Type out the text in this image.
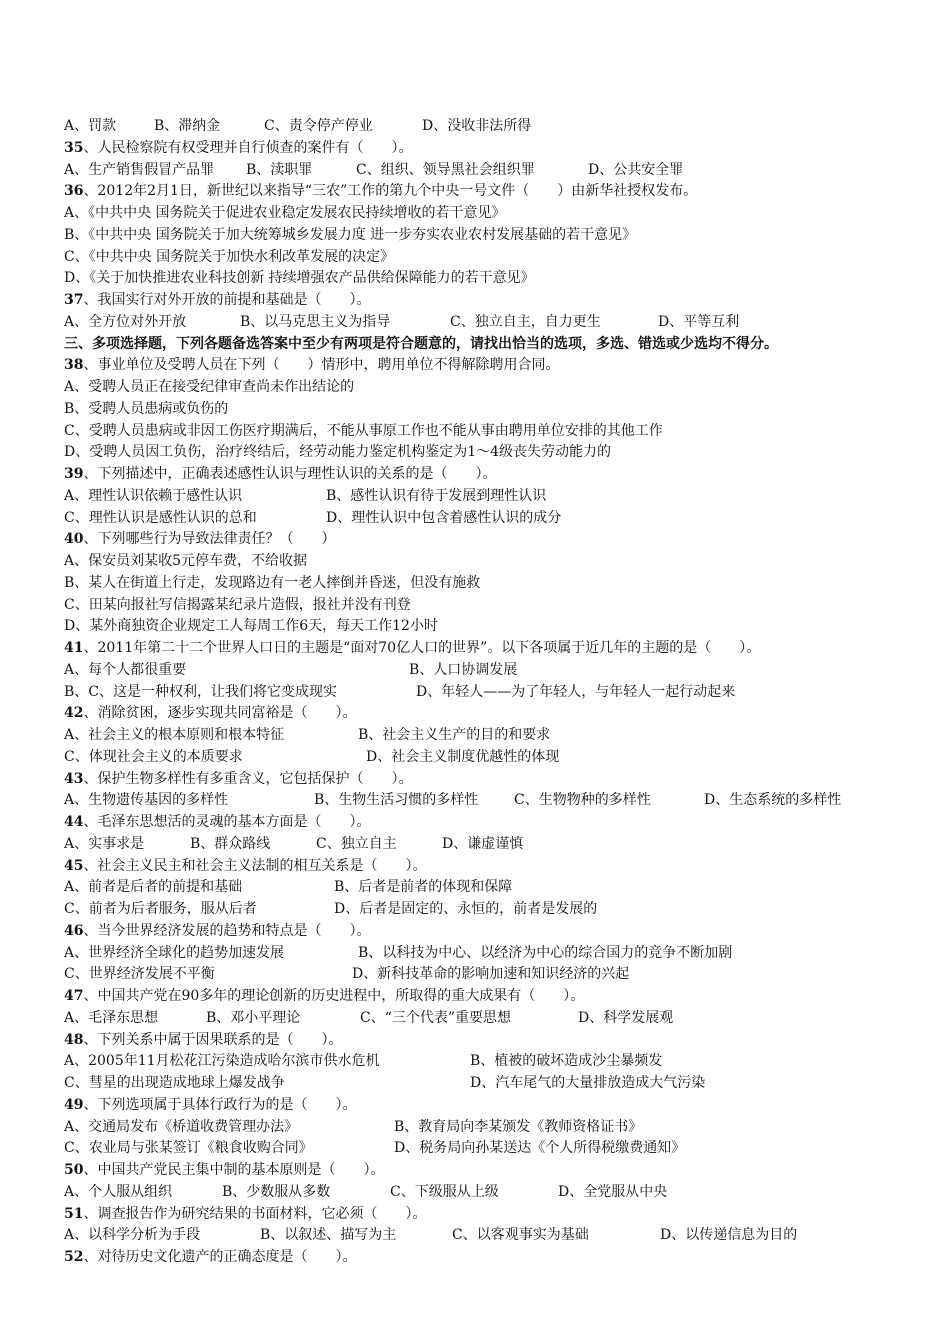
A、罚款	B、滞纳金	C、责令停产停业	D、没收非法所得
35、人民检察院有权受理并自行侦查的案件有（　　）。
A、生产销售假冒产品罪 B、渎职罪	C、组织、领导黑社会组织罪	D、公共安全罪
36、2012年2月1日，新世纪以来指导“三农”工作的第九个中央一号文件（　　）由新华社授权发布。
A、《中共中央 国务院关于促进农业稳定发展农民持续增收的若干意见》
B、《中共中央 国务院关于加大统筹城乡发展力度 进一步夯实农业农村发展基础的若干意见》
C、《中共中央 国务院关于加快水利改革发展的决定》
D、《关于加快推进农业科技创新 持续增强农产品供给保障能力的若干意见》
37、我国实行对外开放的前提和基础是（　　）。
A、全方位对外开放	B、以马克思主义为指导	C、独立自主，自力更生	D、平等互利
三、多项选择题，下列各题备选答案中至少有两项是符合题意的，请找出恰当的选项，多选、错选或少选均不得分。
38、事业单位及受聘人员在下列（　　）情形中，聘用单位不得解除聘用合同。
A、受聘人员正在接受纪律审查尚未作出结论的
B、受聘人员患病或负伤的
C、受聘人员患病或非因工伤医疗期满后，不能从事原工作也不能从事由聘用单位安排的其他工作
D、受聘人员因工负伤，治疗终结后，经劳动能力鉴定机构鉴定为1～4级丧失劳动能力的
39、下列描述中，正确表述感性认识与理性认识的关系的是（　　）。
A、理性认识依赖于感性认识	B、感性认识有待于发展到理性认识
C、理性认识是感性认识的总和	D、理性认识中包含着感性认识的成分
40、下列哪些行为导致法律责任？（　　）
A、保安员刘某收5元停车费，不给收据
B、某人在街道上行走，发现路边有一老人摔倒并昏迷，但没有施救
C、田某向报社写信揭露某纪录片造假，报社并没有刊登
D、某外商独资企业规定工人每周工作6天，每天工作12小时
41、2011年第二十二个世界人口日的主题是“面对70亿人口的世界”。以下各项属于近几年的主题的是（　　）。
A、每个人都很重要	B、人口协调发展
B、C、这是一种权利，让我们将它变成现实	D、年轻人——为了年轻人，与年轻人一起行动起来
42、消除贫困，逐步实现共同富裕是（　　）。
A、社会主义的根本原则和根本特征	B、社会主义生产的目的和要求
C、体现社会主义的本质要求	D、社会主义制度优越性的体现
43、保护生物多样性有多重含义，它包括保护（　　）。
A、生物遗传基因的多样性	B、生物生活习惯的多样性	C、生物物种的多样性	D、生态系统的多样性
44、毛泽东思想活的灵魂的基本方面是（　　）。
A、实事求是	B、群众路线	C、独立自主	D、谦虚谨慎
45、社会主义民主和社会主义法制的相互关系是（　　）。
A、前者是后者的前提和基础	B、后者是前者的体现和保障
C、前者为后者服务，服从后者	D、后者是固定的、永恒的，前者是发展的
46、当今世界经济发展的趋势和特点是（　　）。
A、世界经济全球化的趋势加速发展	B、以科技为中心、以经济为中心的综合国力的竞争不断加剧
C、世界经济发展不平衡	D、新科技革命的影响加速和知识经济的兴起
47、中国共产党在90多年的理论创新的历史进程中，所取得的重大成果有（　　）。
A、毛泽东思想	B、邓小平理论	C、“三个代表”重要思想	D、科学发展观
48、下列关系中属于因果联系的是（　　）。
A、2005年11月松花江污染造成哈尔滨市供水危机	B、植被的破坏造成沙尘暴频发
C、彗星的出现造成地球上爆发战争	D、汽车尾气的大量排放造成大气污染
49、下列选项属于具体行政行为的是（　　）。
A、交通局发布《桥道收费管理办法》	B、教育局向李某颁发《教师资格证书》
C、农业局与张某签订《粮食收购合同》	D、税务局向孙某送达《个人所得税缴费通知》
50、中国共产党民主集中制的基本原则是（　　）。
A、个人服从组织	B、少数服从多数	C、下级服从上级	D、全党服从中央
51、调查报告作为研究结果的书面材料，它必须（　　）。
A、以科学分析为手段	B、以叙述、描写为主	C、以客观事实为基础	D、以传递信息为目的
52、对待历史文化遗产的正确态度是（　　）。
